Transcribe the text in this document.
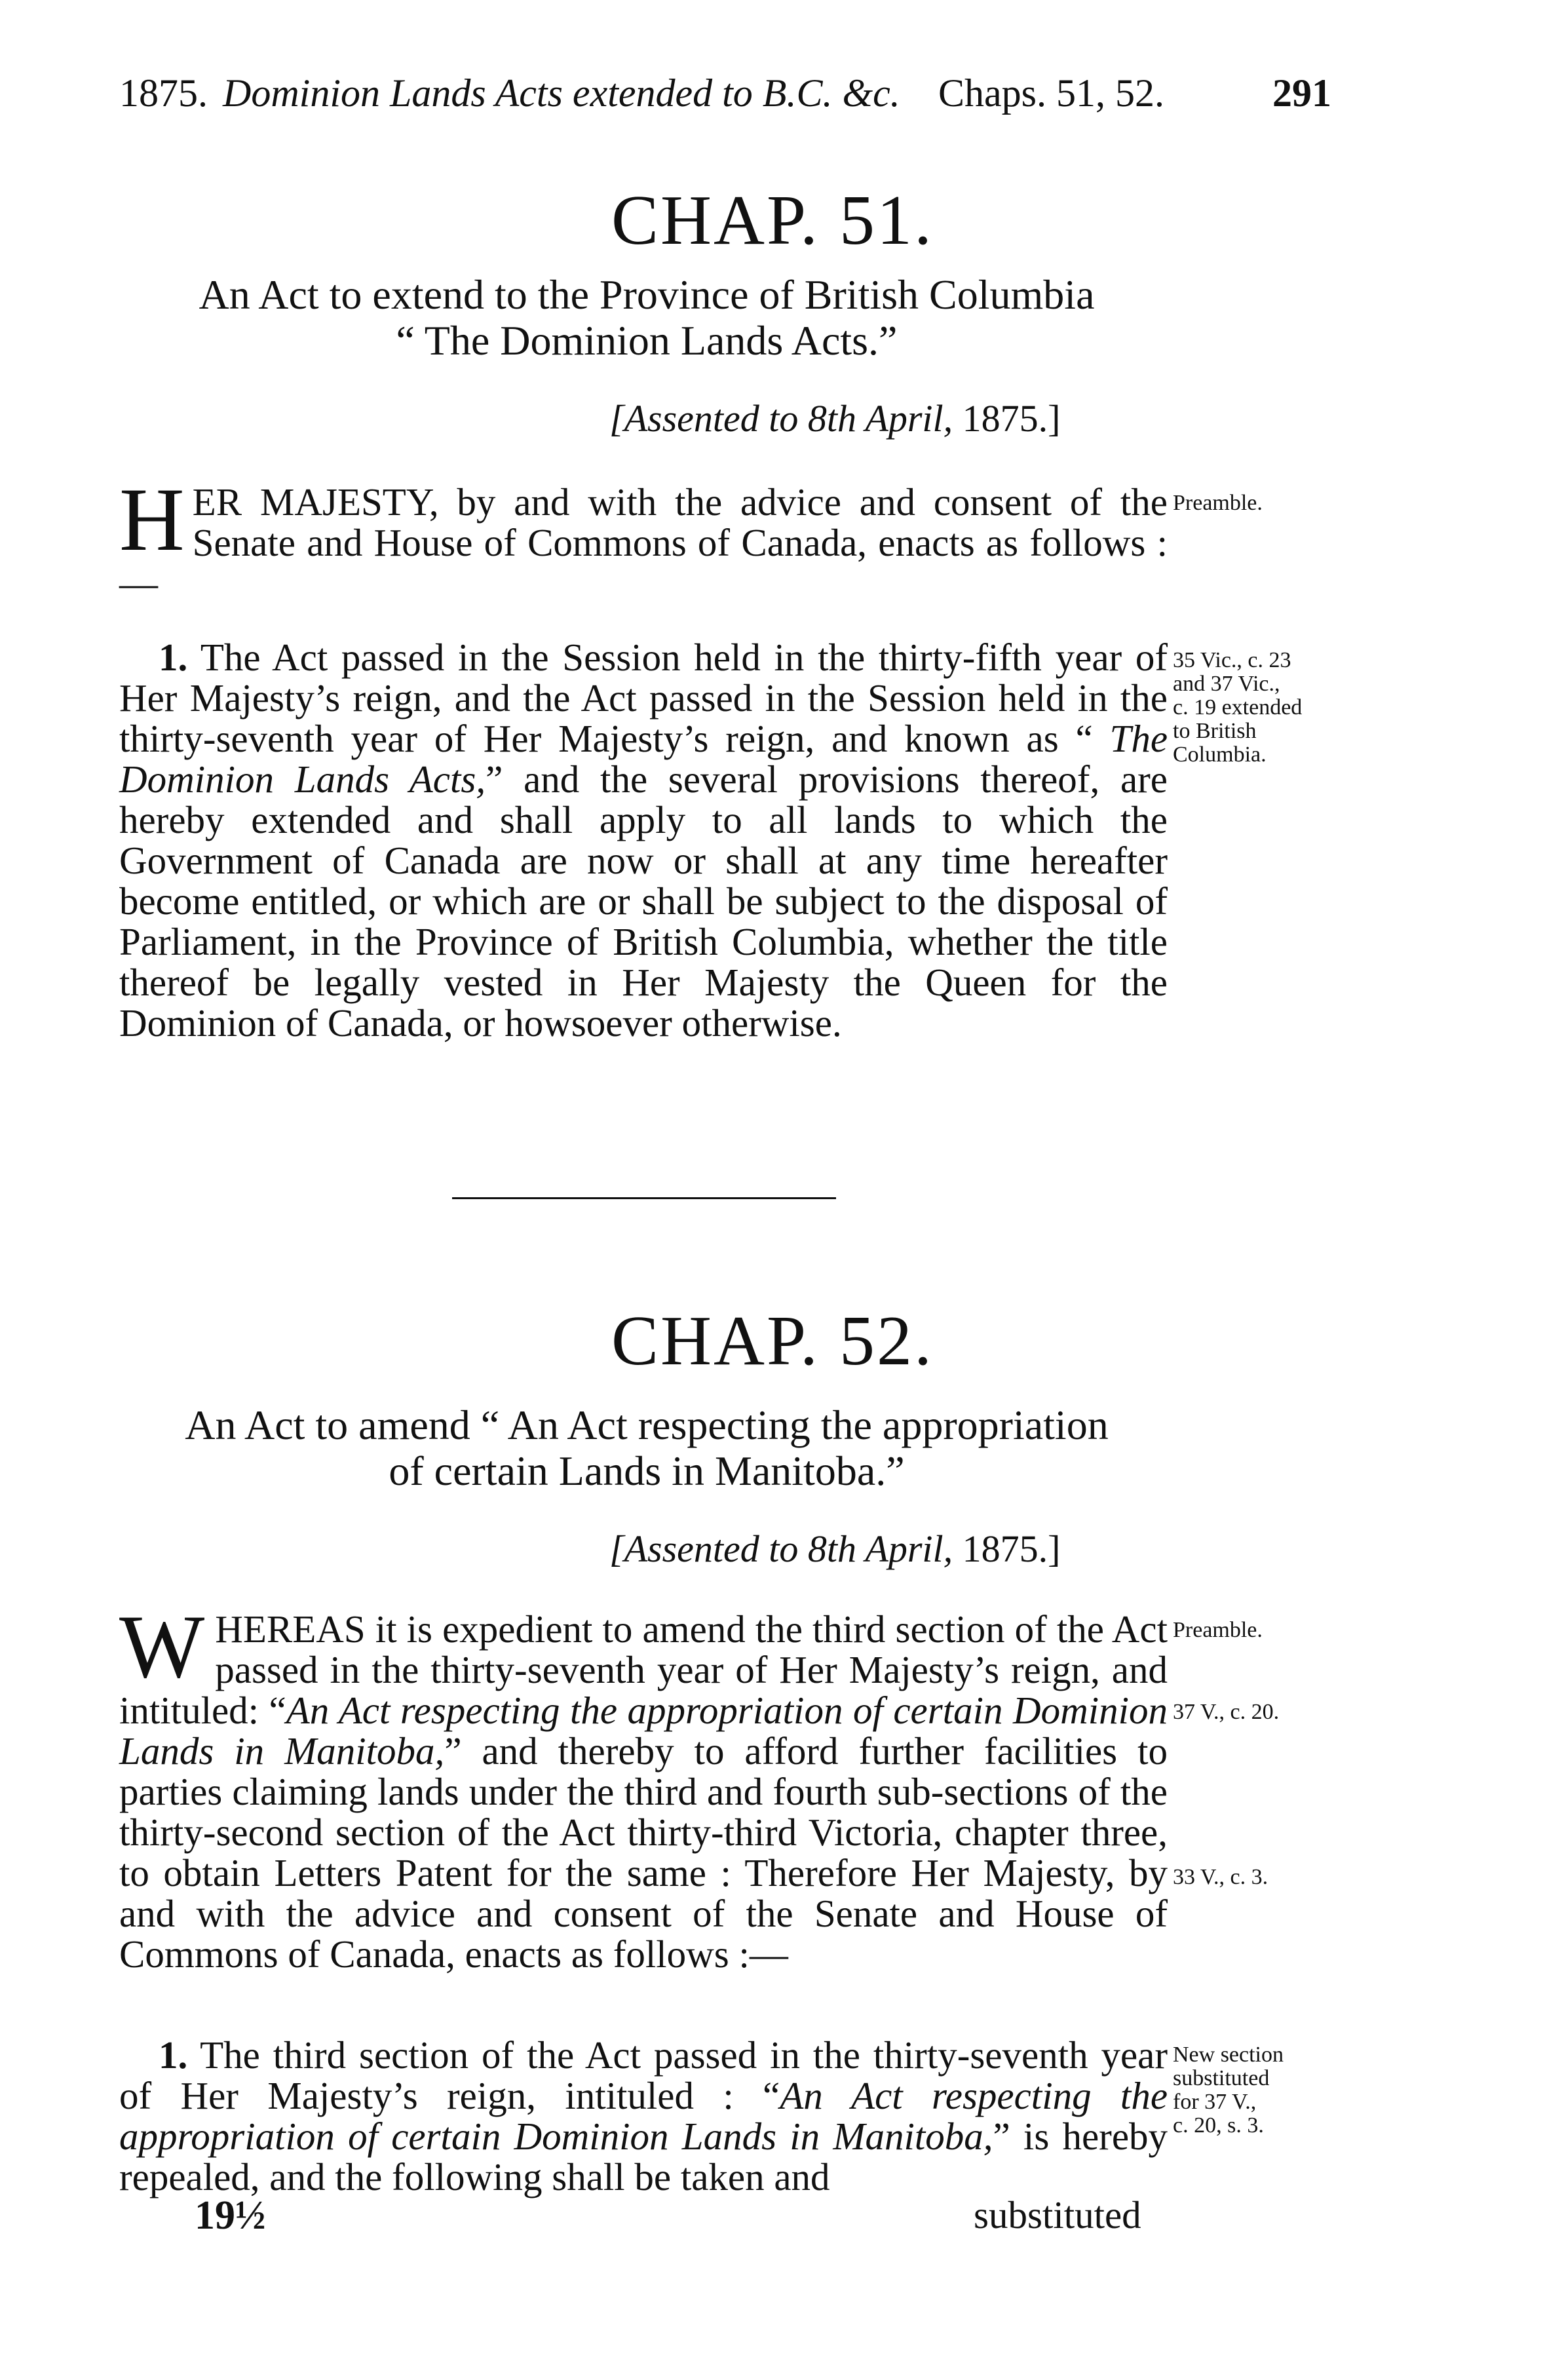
1875. Dominion Lands Acts extended to B.C. &c. Chaps. 51, 52.	291
CHAP. 51.
An Act to extend to the Province of British Columbia
“ The Dominion Lands Acts.”
[Assented to 8th April, 1875.]
HER MAJESTY, by and with the advice and consent of the Senate and House of Commons of Canada, enacts as follows :—
Preamble.
1. The Act passed in the Session held in the thirty-fifth year of Her Majesty’s reign, and the Act passed in the Session held in the thirty-seventh year of Her Majesty’s reign, and known as “ The Dominion Lands Acts,” and the several provisions thereof, are hereby extended and shall apply to all lands to which the Government of Canada are now or shall at any time hereafter become entitled, or which are or shall be subject to the disposal of Parliament, in the Province of British Columbia, whether the title thereof be legally vested in Her Majesty the Queen for the Dominion of Canada, or howsoever otherwise.
35 Vic., c. 23
and 37 Vic.,
c. 19 extended
to British
Columbia.
CHAP. 52.
An Act to amend “ An Act respecting the appropriation
of certain Lands in Manitoba.”
[Assented to 8th April, 1875.]
WHEREAS it is expedient to amend the third section of the Act passed in the thirty-seventh year of Her Majesty’s reign, and intituled: “An Act respecting the appropriation of certain Dominion Lands in Manitoba,” and thereby to afford further facilities to parties claiming lands under the third and fourth sub-sections of the thirty-second section of the Act thirty-third Victoria, chapter three, to obtain Letters Patent for the same : Therefore Her Majesty, by and with the advice and consent of the Senate and House of Commons of Canada, enacts as follows :—
Preamble.
37 V., c. 20.
33 V., c. 3.
1. The third section of the Act passed in the thirty-seventh year of Her Majesty’s reign, intituled : “An Act respecting the appropriation of certain Dominion Lands in Manitoba,” is hereby repealed, and the following shall be taken and
New section
substituted
for 37 V.,
c. 20, s. 3.
19½	substituted
